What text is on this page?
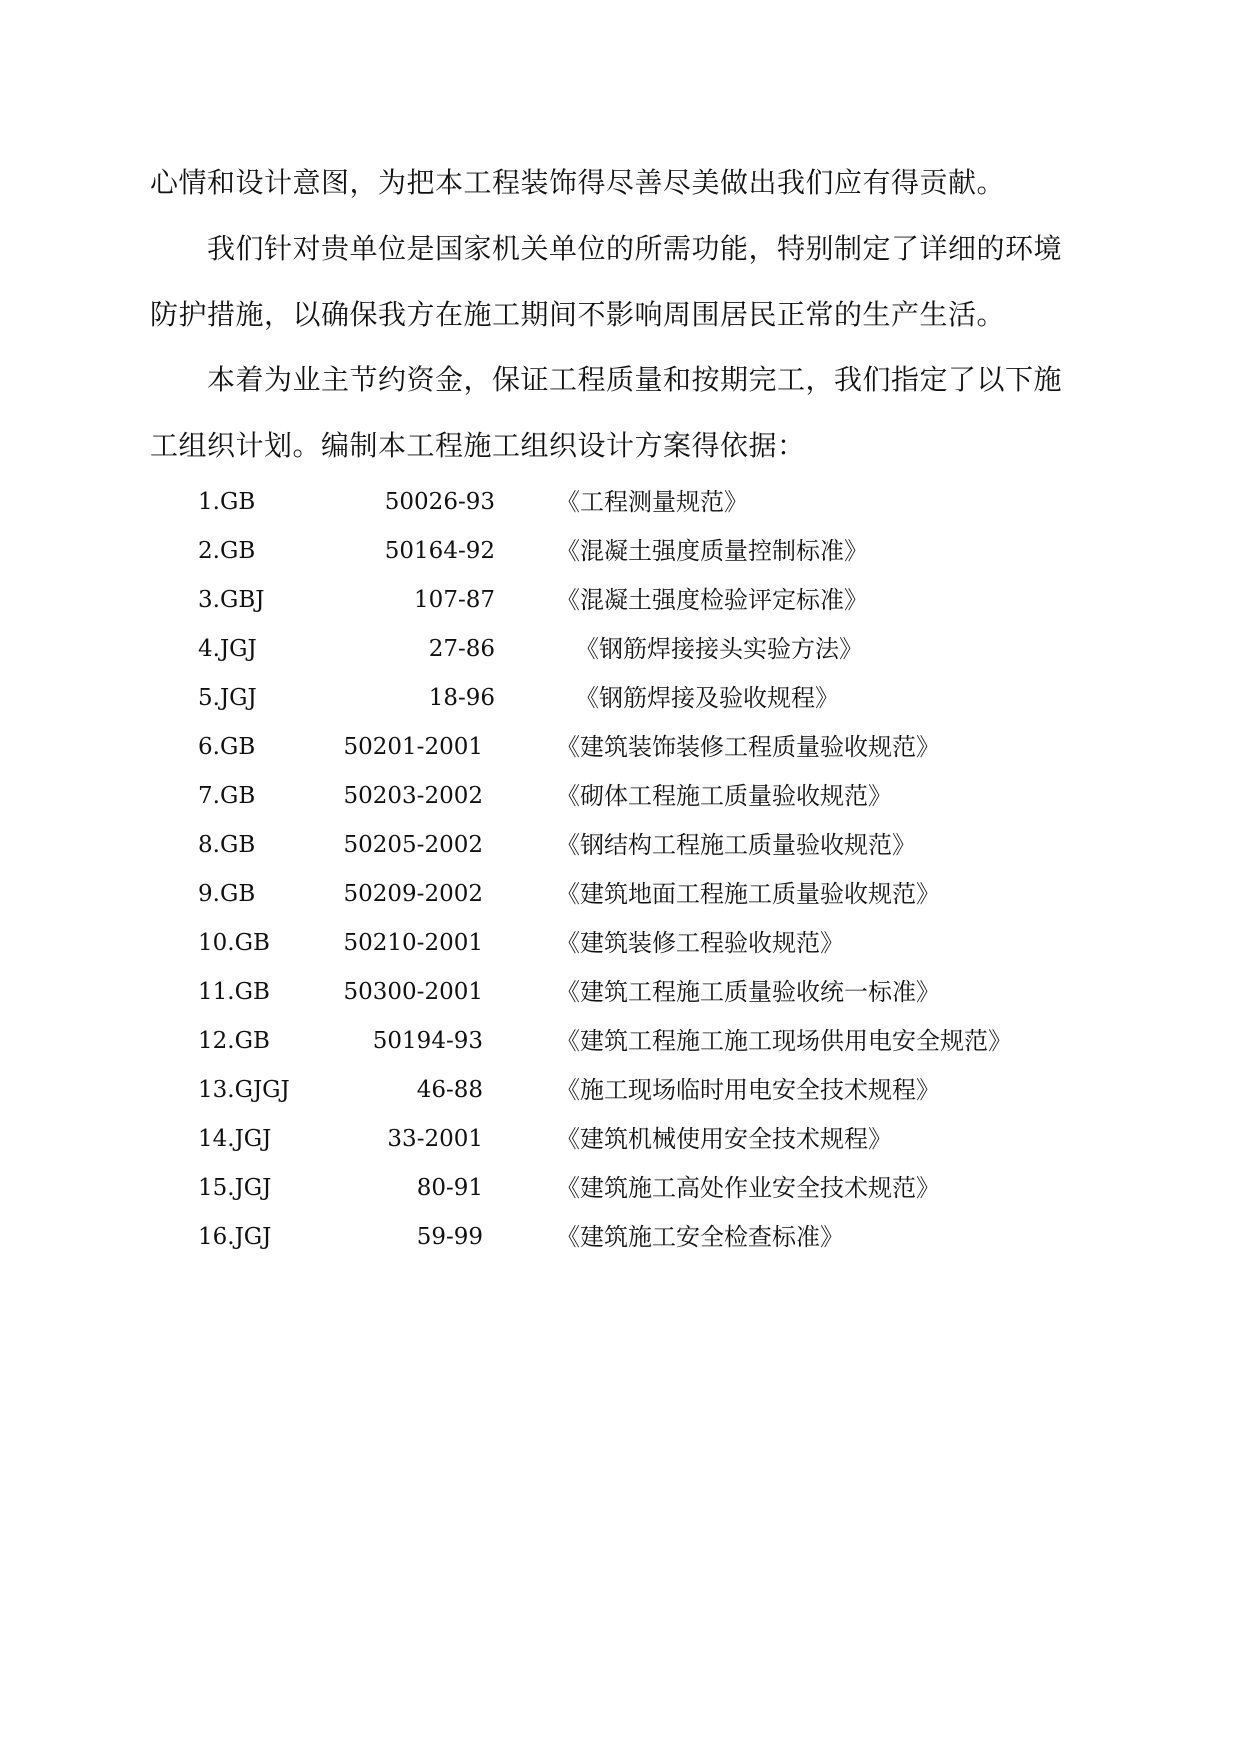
心情和设计意图，为把本工程装饰得尽善尽美做出我们应有得贡献。
我们针对贵单位是国家机关单位的所需功能，特别制定了详细的环境
防护措施，以确保我方在施工期间不影响周围居民正常的生产生活。
本着为业主节约资金，保证工程质量和按期完工，我们指定了以下施
工组织计划。编制本工程施工组织设计方案得依据：
1.GB	50026-93	《工程测量规范》
2.GB	50164-92	《混凝土强度质量控制标准》
3.GBJ	107-87	《混凝土强度检验评定标准》
4.JGJ	27-86	《钢筋焊接接头实验方法》
5.JGJ	18-96	《钢筋焊接及验收规程》
6.GB	50201-2001	《建筑装饰装修工程质量验收规范》
7.GB	50203-2002	《砌体工程施工质量验收规范》
8.GB	50205-2002	《钢结构工程施工质量验收规范》
9.GB	50209-2002	《建筑地面工程施工质量验收规范》
10.GB	50210-2001	《建筑装修工程验收规范》
11.GB	50300-2001	《建筑工程施工质量验收统一标准》
12.GB	50194-93	《建筑工程施工施工现场供用电安全规范》
13.GJGJ	46-88	《施工现场临时用电安全技术规程》
14.JGJ	33-2001	《建筑机械使用安全技术规程》
15.JGJ	80-91	《建筑施工高处作业安全技术规范》
16.JGJ	59-99	《建筑施工安全检查标准》
